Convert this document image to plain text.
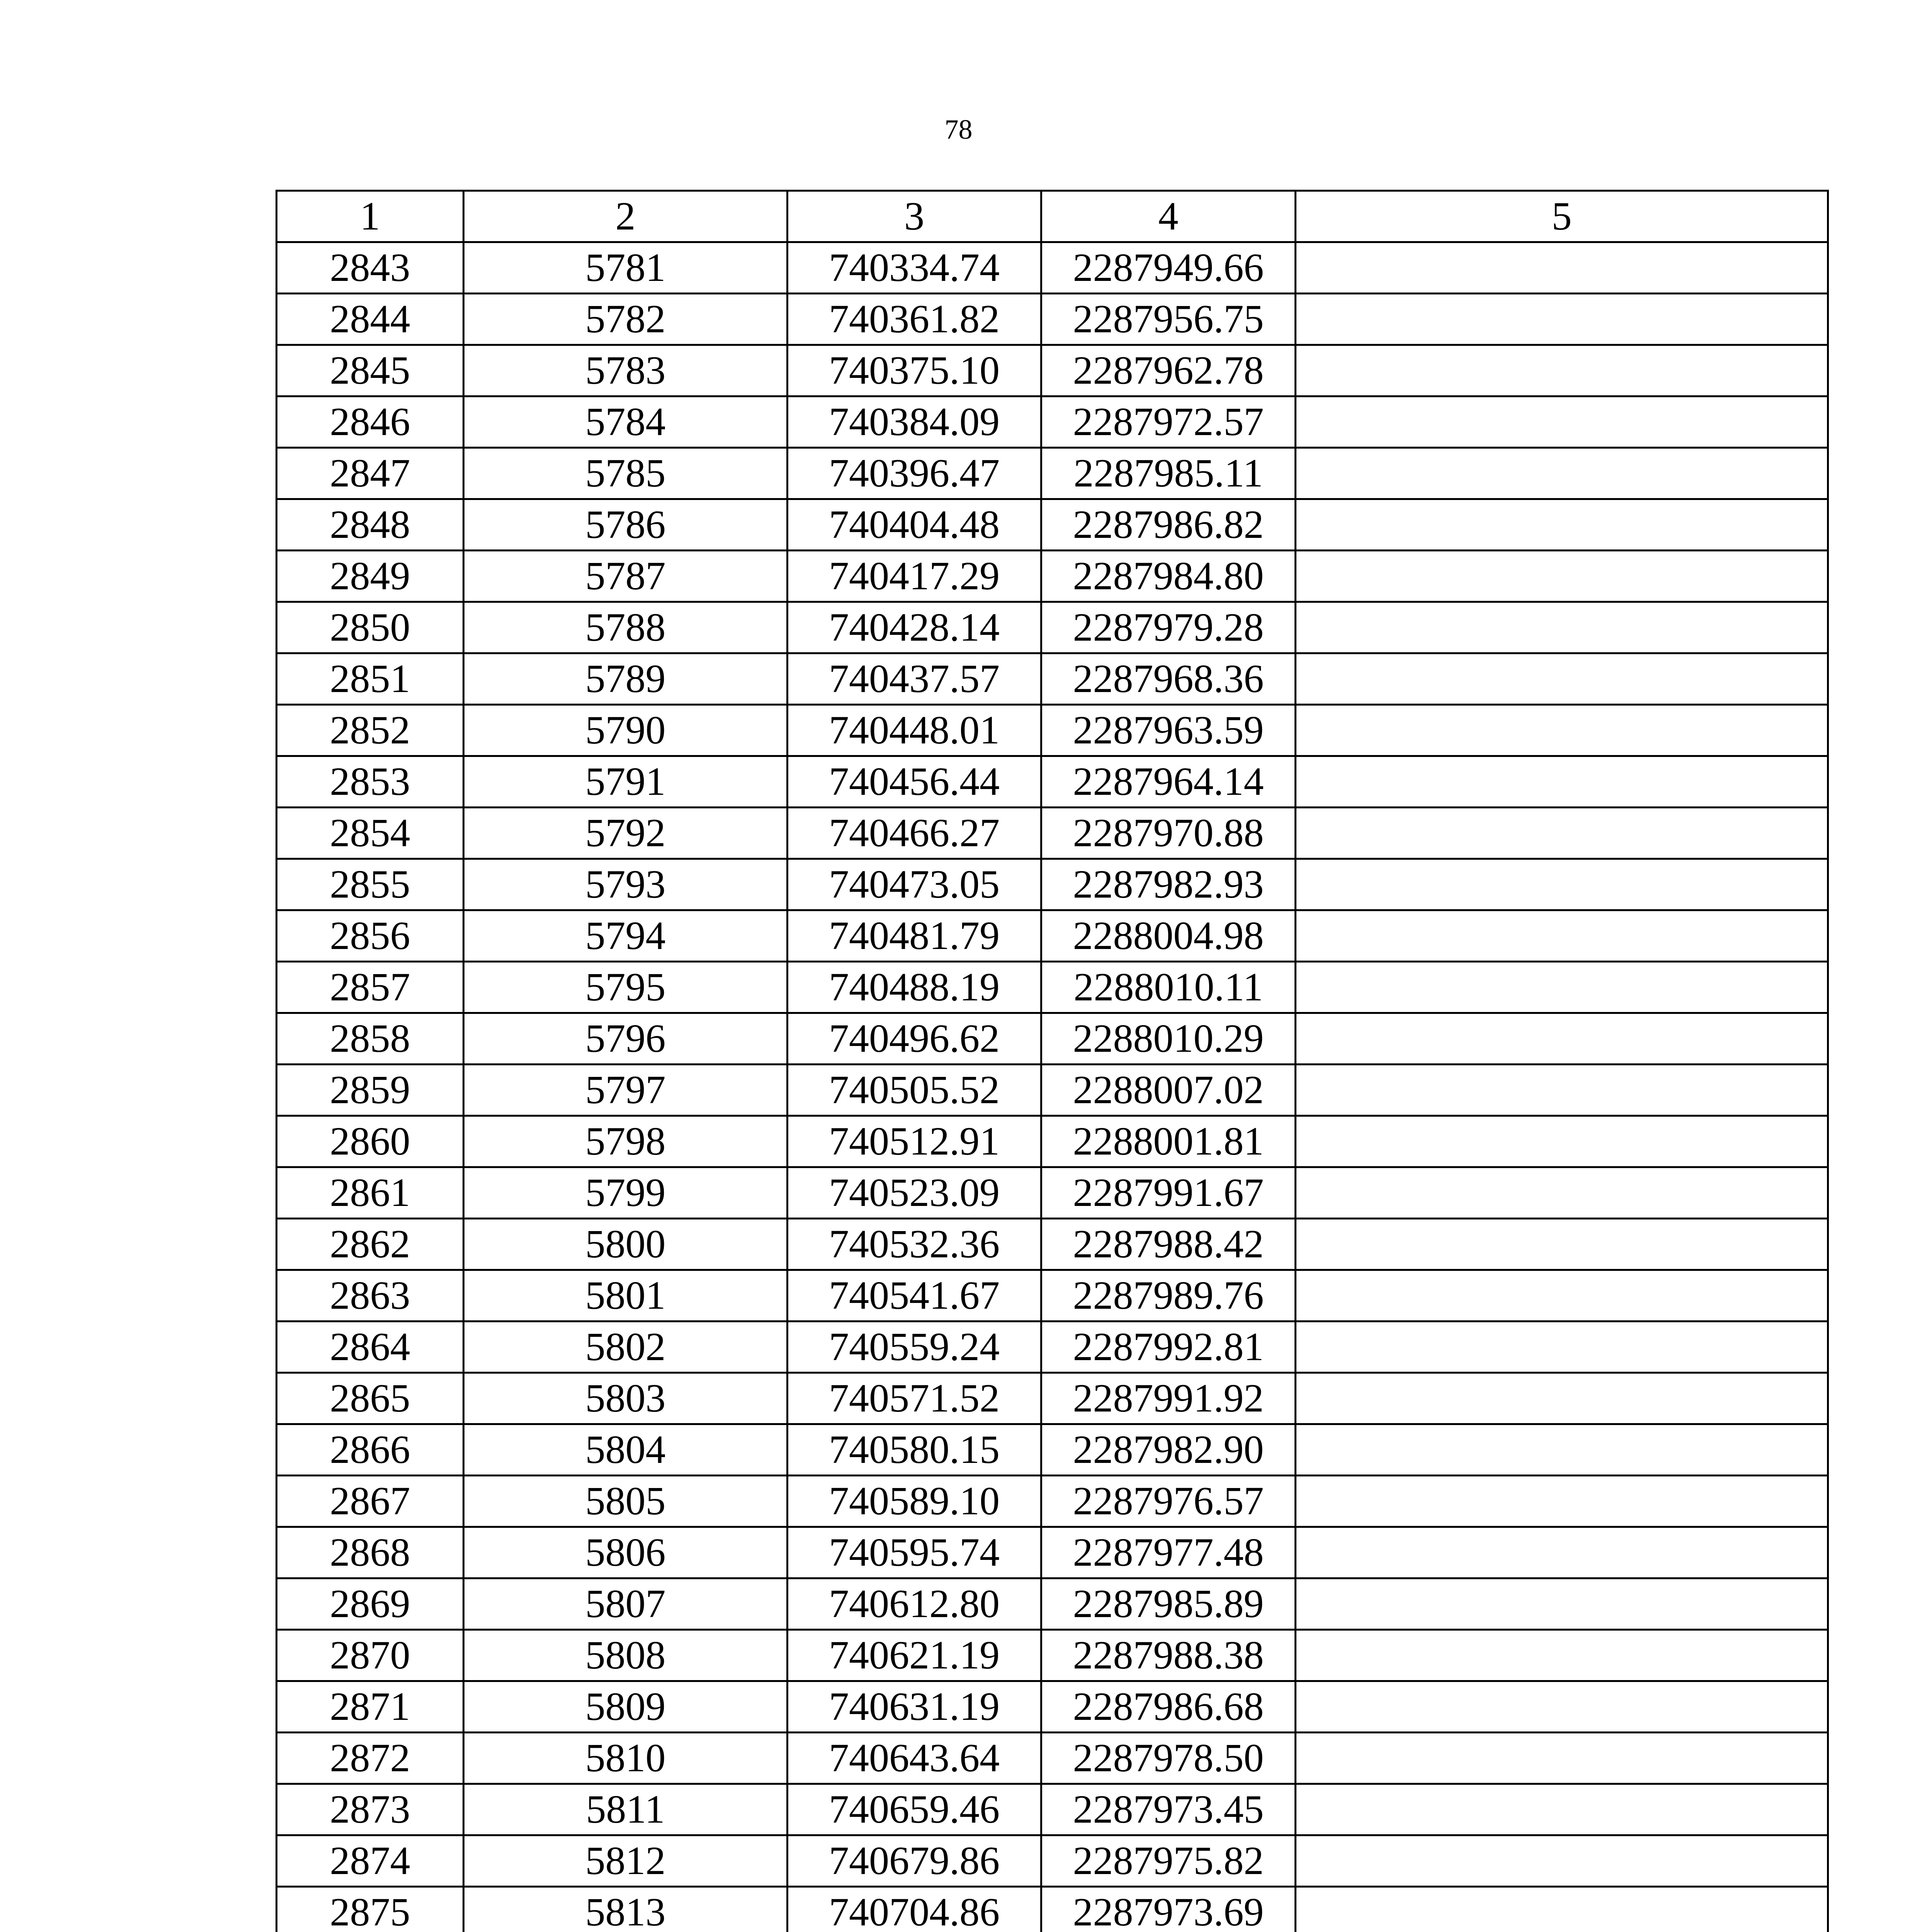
78
1	2	3	4	5
2843	5781	740334.74	2287949.66	
2844	5782	740361.82	2287956.75	
2845	5783	740375.10	2287962.78	
2846	5784	740384.09	2287972.57	
2847	5785	740396.47	2287985.11	
2848	5786	740404.48	2287986.82	
2849	5787	740417.29	2287984.80	
2850	5788	740428.14	2287979.28	
2851	5789	740437.57	2287968.36	
2852	5790	740448.01	2287963.59	
2853	5791	740456.44	2287964.14	
2854	5792	740466.27	2287970.88	
2855	5793	740473.05	2287982.93	
2856	5794	740481.79	2288004.98	
2857	5795	740488.19	2288010.11	
2858	5796	740496.62	2288010.29	
2859	5797	740505.52	2288007.02	
2860	5798	740512.91	2288001.81	
2861	5799	740523.09	2287991.67	
2862	5800	740532.36	2287988.42	
2863	5801	740541.67	2287989.76	
2864	5802	740559.24	2287992.81	
2865	5803	740571.52	2287991.92	
2866	5804	740580.15	2287982.90	
2867	5805	740589.10	2287976.57	
2868	5806	740595.74	2287977.48	
2869	5807	740612.80	2287985.89	
2870	5808	740621.19	2287988.38	
2871	5809	740631.19	2287986.68	
2872	5810	740643.64	2287978.50	
2873	5811	740659.46	2287973.45	
2874	5812	740679.86	2287975.82	
2875	5813	740704.86	2287973.69	
